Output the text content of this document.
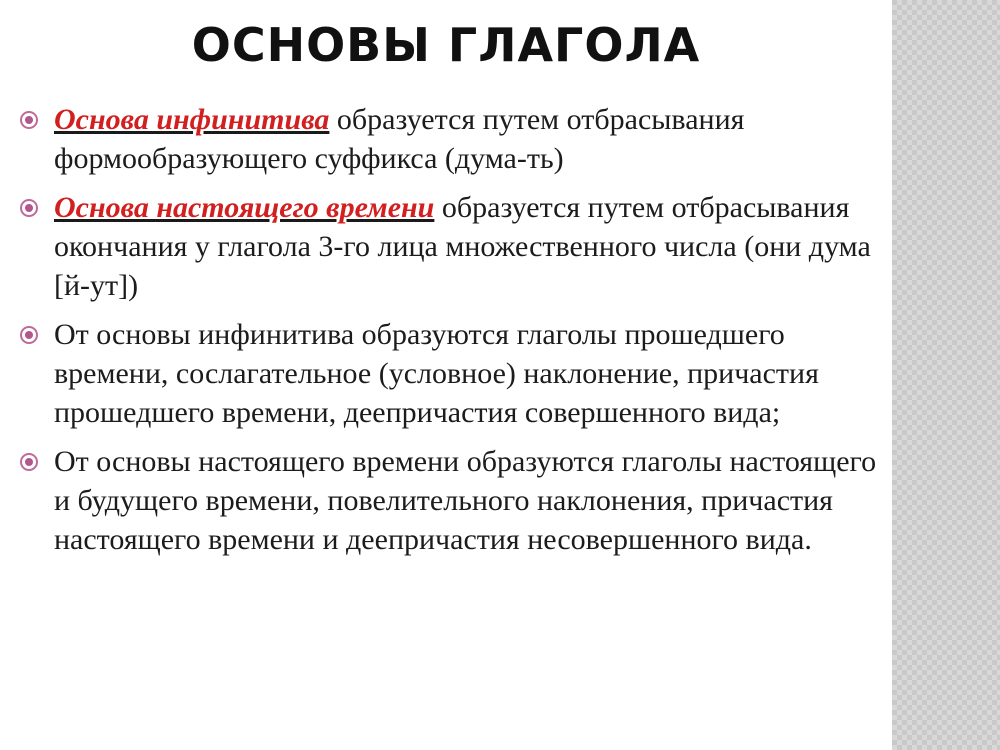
ОСНОВЫ ГЛАГОЛА
Основа инфинитива образуется путем отбрасывания формообразующего суффикса (дума-ть)
Основа настоящего времени образуется путем отбрасывания окончания у глагола 3-го лица множественного числа (они дума [й-ут])
От основы инфинитива образуются глаголы прошедшего времени, сослагательное (условное) наклонение, причастия прошедшего времени, деепричастия совершенного вида;
От основы настоящего времени образуются глаголы настоящего и будущего времени, повелительного наклонения, причастия настоящего времени и деепричастия несовершенного вида.
